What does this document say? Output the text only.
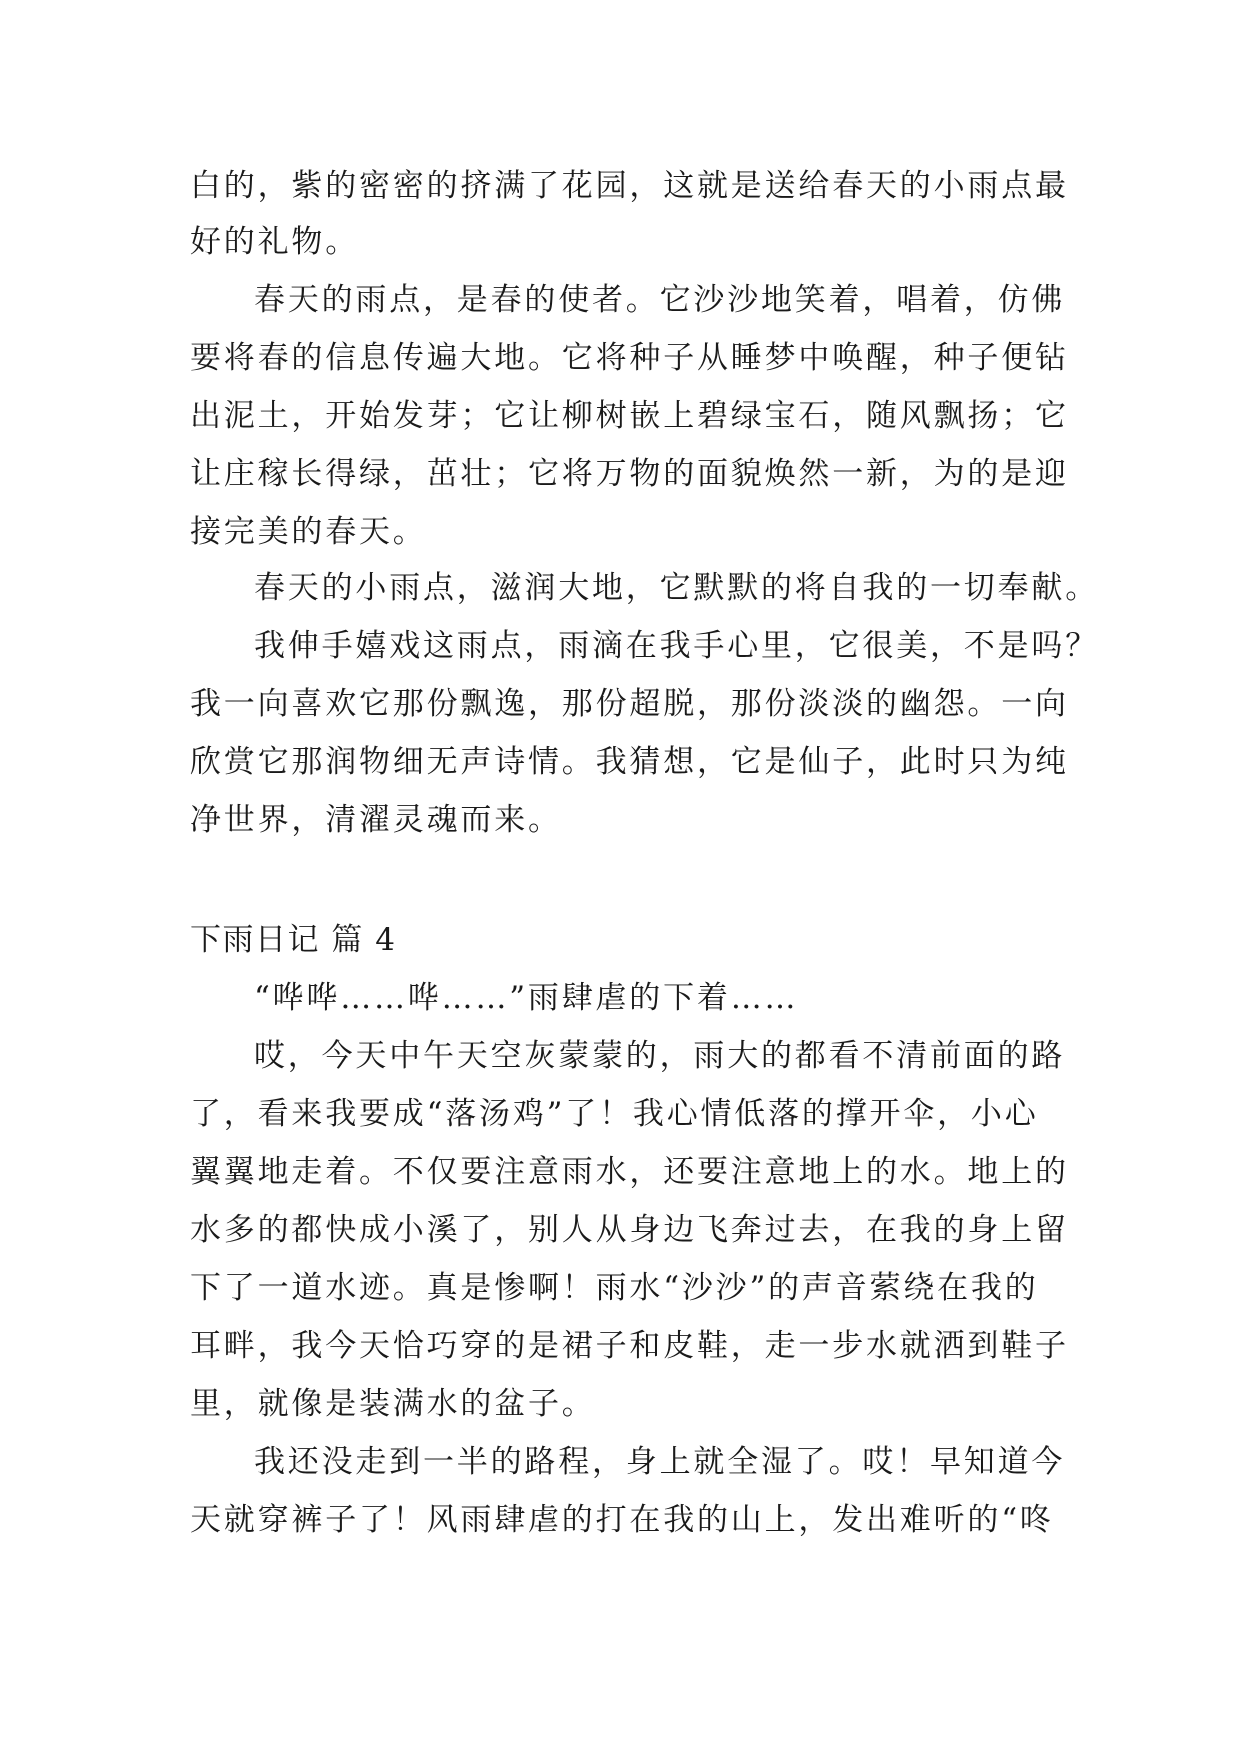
白的，紫的密密的挤满了花园，这就是送给春天的小雨点最
好的礼物。
春天的雨点，是春的使者。它沙沙地笑着，唱着，仿佛
要将春的信息传遍大地。它将种子从睡梦中唤醒，种子便钻
出泥土，开始发芽；它让柳树嵌上碧绿宝石，随风飘扬；它
让庄稼长得绿，茁壮；它将万物的面貌焕然一新，为的是迎
接完美的春天。
春天的小雨点，滋润大地，它默默的将自我的一切奉献。
我伸手嬉戏这雨点，雨滴在我手心里，它很美，不是吗？
我一向喜欢它那份飘逸，那份超脱，那份淡淡的幽怨。一向
欣赏它那润物细无声诗情。我猜想，它是仙子，此时只为纯
净世界，清濯灵魂而来。
下雨日记 篇 4
“哗哗……哗……”雨肆虐的下着……
哎，今天中午天空灰蒙蒙的，雨大的都看不清前面的路
了，看来我要成“落汤鸡”了！我心情低落的撑开伞，小心
翼翼地走着。不仅要注意雨水，还要注意地上的水。地上的
水多的都快成小溪了，别人从身边飞奔过去，在我的身上留
下了一道水迹。真是惨啊！雨水“沙沙”的声音萦绕在我的
耳畔，我今天恰巧穿的是裙子和皮鞋，走一步水就洒到鞋子
里，就像是装满水的盆子。
我还没走到一半的路程，身上就全湿了。哎！早知道今
天就穿裤子了！风雨肆虐的打在我的山上，发出难听的“咚
